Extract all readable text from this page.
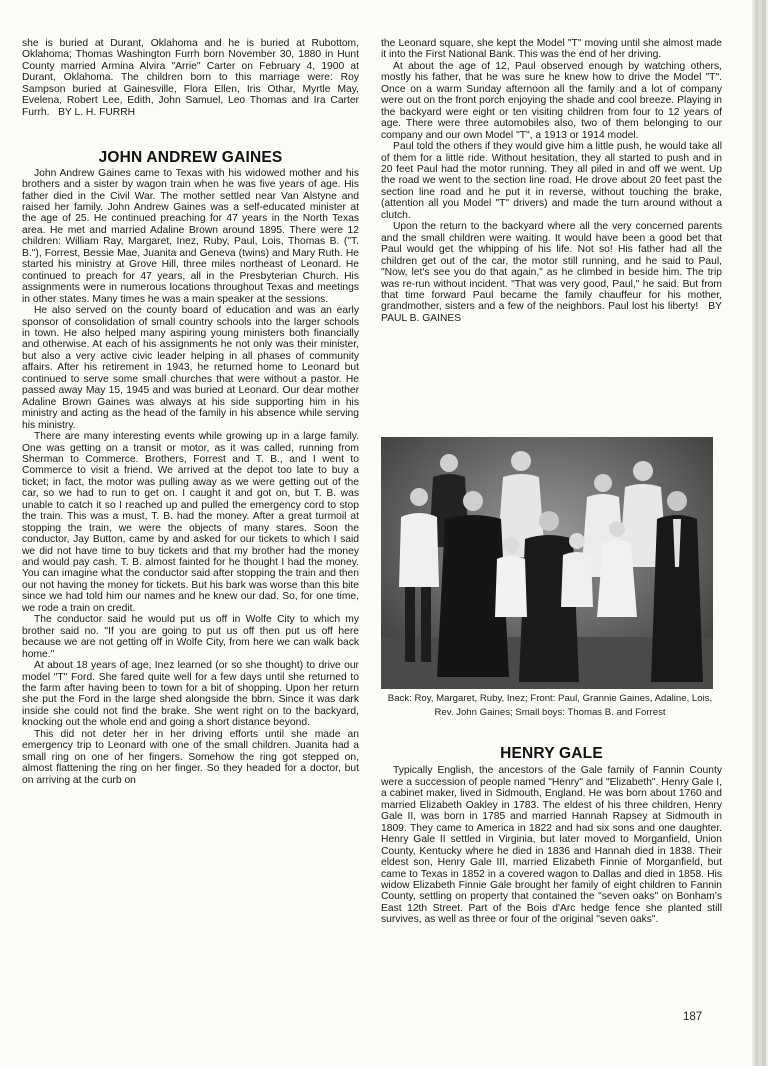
she is buried at Durant, Oklahoma and he is buried at Rubottom, Oklahoma; Thomas Washington Furrh born November 30, 1880 in Hunt County married Armina Alvira "Arrie" Carter on February 4, 1900 at Durant, Oklahoma. The children born to this marriage were: Roy Sampson buried at Gainesville, Flora Ellen, Iris Othar, Myrtle May, Evelena, Robert Lee, Edith, John Samuel, Leo Thomas and Ira Carter Furrh. BY L. H. FURRH

JOHN ANDREW GAINES

John Andrew Gaines came to Texas with his widowed mother and his brothers and a sister by wagon train when he was five years of age. His father died in the Civil War. The mother settled near Van Alstyne and raised her family. John Andrew Gaines was a self-educated minister at the age of 25. He continued preaching for 47 years in the North Texas area. He met and married Adaline Brown around 1895. There were 12 children: William Ray, Margaret, Inez, Ruby, Paul, Lois, Thomas B. ("T. B."), Forrest, Bessie Mae, Juanita and Geneva (twins) and Mary Ruth. He started his ministry at Grove Hill, three miles northeast of Leonard. He continued to preach for 47 years, all in the Presbyterian Church. His assignments were in numerous locations throughout Texas and meetings in other states. Many times he was a main speaker at the sessions.

He also served on the county board of education and was an early sponsor of consolidation of small country schools into the larger schools in town. He also helped many aspiring young ministers both financially and otherwise. At each of his assignments he not only was their minister, but also a very active civic leader helping in all phases of community affairs. After his retirement in 1943, he returned home to Leonard but continued to serve some small churches that were without a pastor. He passed away May 15, 1945 and was buried at Leonard. Our dear mother Adaline Brown Gaines was always at his side supporting him in his ministry and acting as the head of the family in his absence while serving his ministry.

There are many interesting events while growing up in a large family. One was getting on a transit or motor, as it was called, running from Sherman to Commerce. Brothers, Forrest and T. B., and I went to Commerce to visit a friend. We arrived at the depot too late to buy a ticket; in fact, the motor was pulling away as we were getting out of the car, so we had to run to get on. I caught it and got on, but T. B. was unable to catch it so I reached up and pulled the emergency cord to stop the train. This was a must, T. B. had the money. After a great turmoil at stopping the train, we were the objects of many stares. Soon the conductor, Jay Button, came by and asked for our tickets to which I said we did not have time to buy tickets and that my brother had the money and would pay cash. T. B. almost fainted for he thought I had the money. You can imagine what the conductor said after stopping the train and then our not having the money for tickets. But his bark was worse than this bite since we had told him our names and he knew our dad. So, for one time, we rode a train on credit.

The conductor said he would put us off in Wolfe City to which my brother said no. "If you are going to put us off then put us off here because we are not getting off in Wolfe City, from here we can walk back home."

At about 18 years of age, Inez learned (or so she thought) to drive our model "T" Ford. She fared quite well for a few days until she returned to the farm after having been to town for a bit of shopping. Upon her return she put the Ford in the large shed alongside the bbrn. Since it was dark inside she could not find the brake. She went right on to the backyard, knocking out the whole end and going a short distance beyond.

This did not deter her in her driving efforts until she made an emergency trip to Leonard with one of the small children. Juanita had a small ring on one of her fingers. Somehow the ring got stepped on, almost flattening the ring on her finger. So they headed for a doctor, but on arriving at the curb on

the Leonard square, she kept the Model "T" moving until she almost made it into the First National Bank. This was the end of her driving.

At about the age of 12, Paul observed enough by watching others, mostly his father, that he was sure he knew how to drive the Model "T". Once on a warm Sunday afternoon all the family and a lot of company were out on the front porch enjoying the shade and cool breeze. Playing in the backyard were eight or ten visiting children from four to 12 years of age. There were three automobiles also, two of them belonging to our company and our own Model "T", a 1913 or 1914 model.

Paul told the others if they would give him a little push, he would take all of them for a little ride. Without hesitation, they all started to push and in 20 feet Paul had the motor running. They all piled in and off we went. Up the road we went to the section line road. He drove about 20 feet past the section line road and he put it in reverse, without touching the brake, (attention all you Model "T" drivers) and made the turn around without a clutch.

Upon the return to the backyard where all the very concerned parents and the small children were waiting. It would have been a good bet that Paul would get the whipping of his life. Not so! His father had all the children get out of the car, the motor still running, and he said to Paul, "Now, let's see you do that again," as he climbed in beside him. The trip was re-run without incident. "That was very good, Paul," he said. But from that time forward Paul became the family chauffeur for his mother, grandmother, sisters and a few of the neighbors. Paul lost his liberty! BY PAUL B. GAINES

Back: Roy, Margaret, Ruby, Inez; Front: Paul, Grannie Gaines, Adaline, Lois, Rev. John Gaines; Small boys: Thomas B. and Forrest
HENRY GALE

Typically English, the ancestors of the Gale family of Fannin County were a succession of people named "Henry" and "Elizabeth". Henry Gale I, a cabinet maker, lived in Sidmouth, England. He was born about 1760 and married Elizabeth Oakley in 1783. The eldest of his three children, Henry Gale II, was born in 1785 and married Hannah Rapsey at Sidmouth in 1809. They came to America in 1822 and had six sons and one daughter. Henry Gale II settled in Virginia, but later moved to Morganfield, Union County, Kentucky where he died in 1836 and Hannah died in 1838. Their eldest son, Henry Gale III, married Elizabeth Finnie of Morganfield, but came to Texas in 1852 in a covered wagon to Dallas and died in 1858. His widow Elizabeth Finnie Gale brought her family of eight children to Fannin County, settling on property that contained the "seven oaks" on Bonham's East 12th Street. Part of the Bois d'Arc hedge fence she planted still survives, as well as three or four of the original "seven oaks".

187
